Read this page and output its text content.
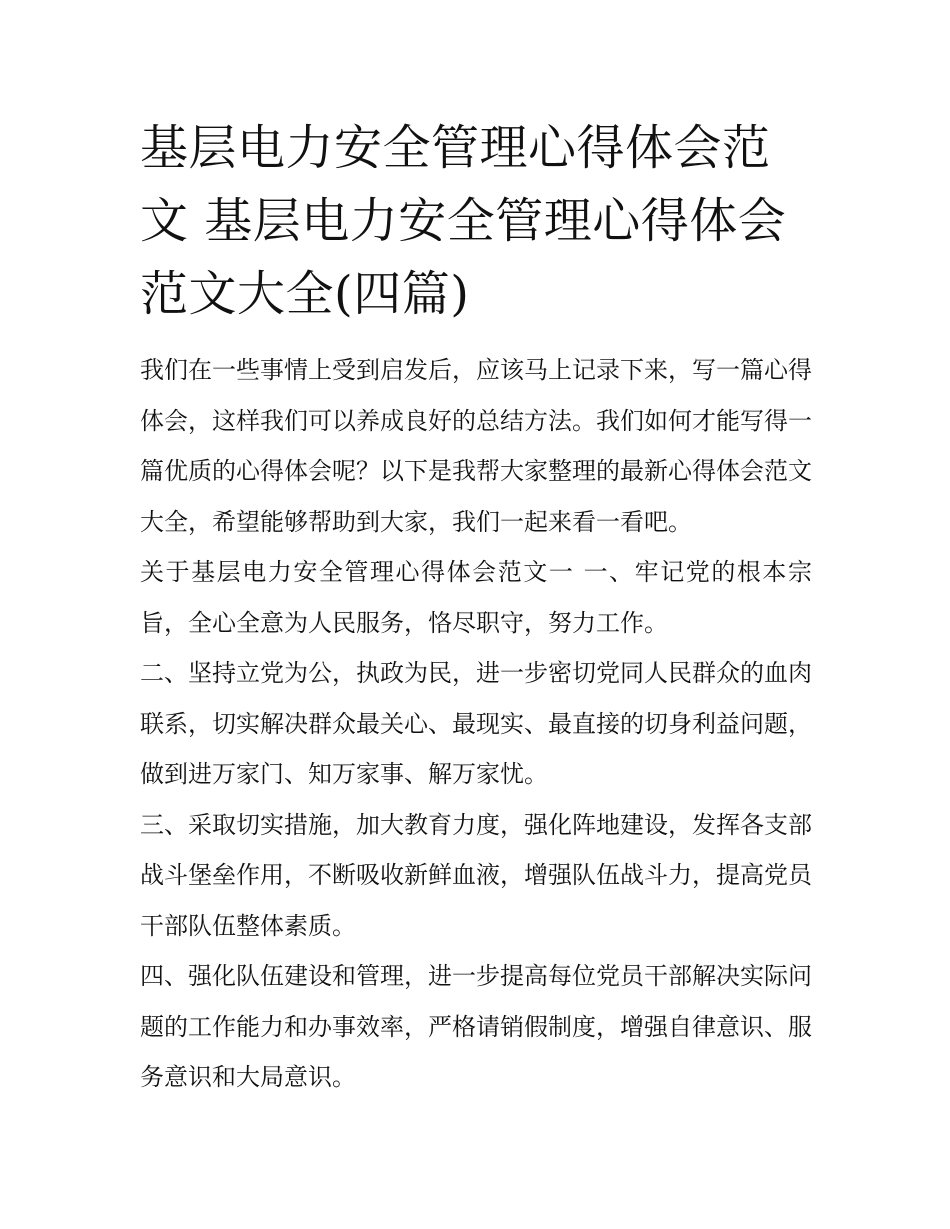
基层电力安全管理心得体会范文 基层电力安全管理心得体会范文大全(四篇)

我们在一些事情上受到启发后，应该马上记录下来，写一篇心得体会，这样我们可以养成良好的总结方法。我们如何才能写得一篇优质的心得体会呢？以下是我帮大家整理的最新心得体会范文大全，希望能够帮助到大家，我们一起来看一看吧。

关于基层电力安全管理心得体会范文一 一、牢记党的根本宗旨，全心全意为人民服务，恪尽职守，努力工作。

二、坚持立党为公，执政为民，进一步密切党同人民群众的血肉联系，切实解决群众最关心、最现实、最直接的切身利益问题，做到进万家门、知万家事、解万家忧。

三、采取切实措施，加大教育力度，强化阵地建设，发挥各支部战斗堡垒作用，不断吸收新鲜血液，增强队伍战斗力，提高党员干部队伍整体素质。

四、强化队伍建设和管理，进一步提高每位党员干部解决实际问题的工作能力和办事效率，严格请销假制度，增强自律意识、服务意识和大局意识。
